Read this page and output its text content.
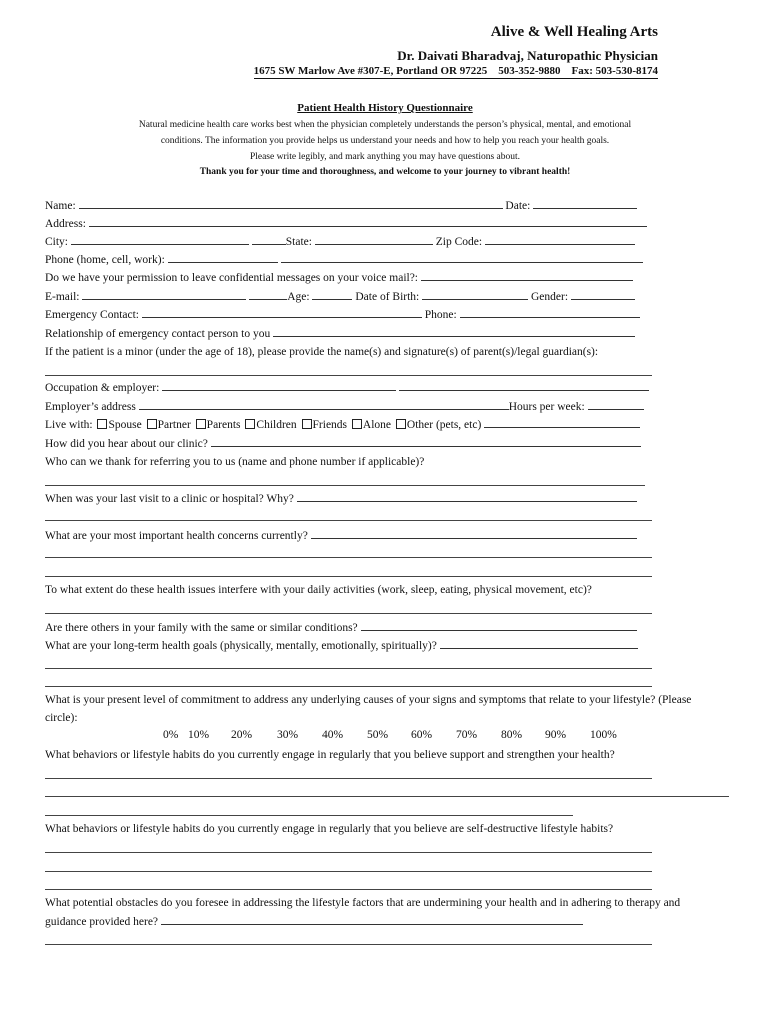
Alive & Well Healing Arts
Dr. Daivati Bharadvaj, Naturopathic Physician
1675 SW Marlow Ave #307-E, Portland OR 97225    503-352-9880    Fax: 503-530-8174
Patient Health History Questionnaire
Natural medicine health care works best when the physician completely understands the person’s physical, mental, and emotional
conditions. The information you provide helps us understand your needs and how to help you reach your health goals.
Please write legibly, and mark anything you may have questions about.
Thank you for your time and thoroughness, and welcome to your journey to vibrant health!
Name:	Date:
Address:
City:	State:	Zip Code:
Phone (home, cell, work):
Do we have your permission to leave confidential messages on your voice mail?:
E-mail:	Age:	Date of Birth:	Gender:
Emergency Contact:	Phone:
Relationship of emergency contact person to you
If the patient is a minor (under the age of 18), please provide the name(s) and signature(s) of parent(s)/legal guardian(s):
Occupation & employer:
Employer’s address	Hours per week:
Live with: Spouse Partner Parents Children Friends Alone Other (pets, etc)
How did you hear about our clinic?
Who can we thank for referring you to us (name and phone number if applicable)?
When was your last visit to a clinic or hospital? Why?
What are your most important health concerns currently?
To what extent do these health issues interfere with your daily activities (work, sleep, eating, physical movement, etc)?
Are there others in your family with the same or similar conditions?
What are your long-term health goals (physically, mentally, emotionally, spiritually)?
What is your present level of commitment to address any underlying causes of your signs and symptoms that relate to your lifestyle? (Please
circle):
0% 10% 20% 30% 40% 50% 60% 70% 80% 90% 100%
What behaviors or lifestyle habits do you currently engage in regularly that you believe support and strengthen your health?
What behaviors or lifestyle habits do you currently engage in regularly that you believe are self-destructive lifestyle habits?
What potential obstacles do you foresee in addressing the lifestyle factors that are undermining your health and in adhering to therapy and
guidance provided here?
